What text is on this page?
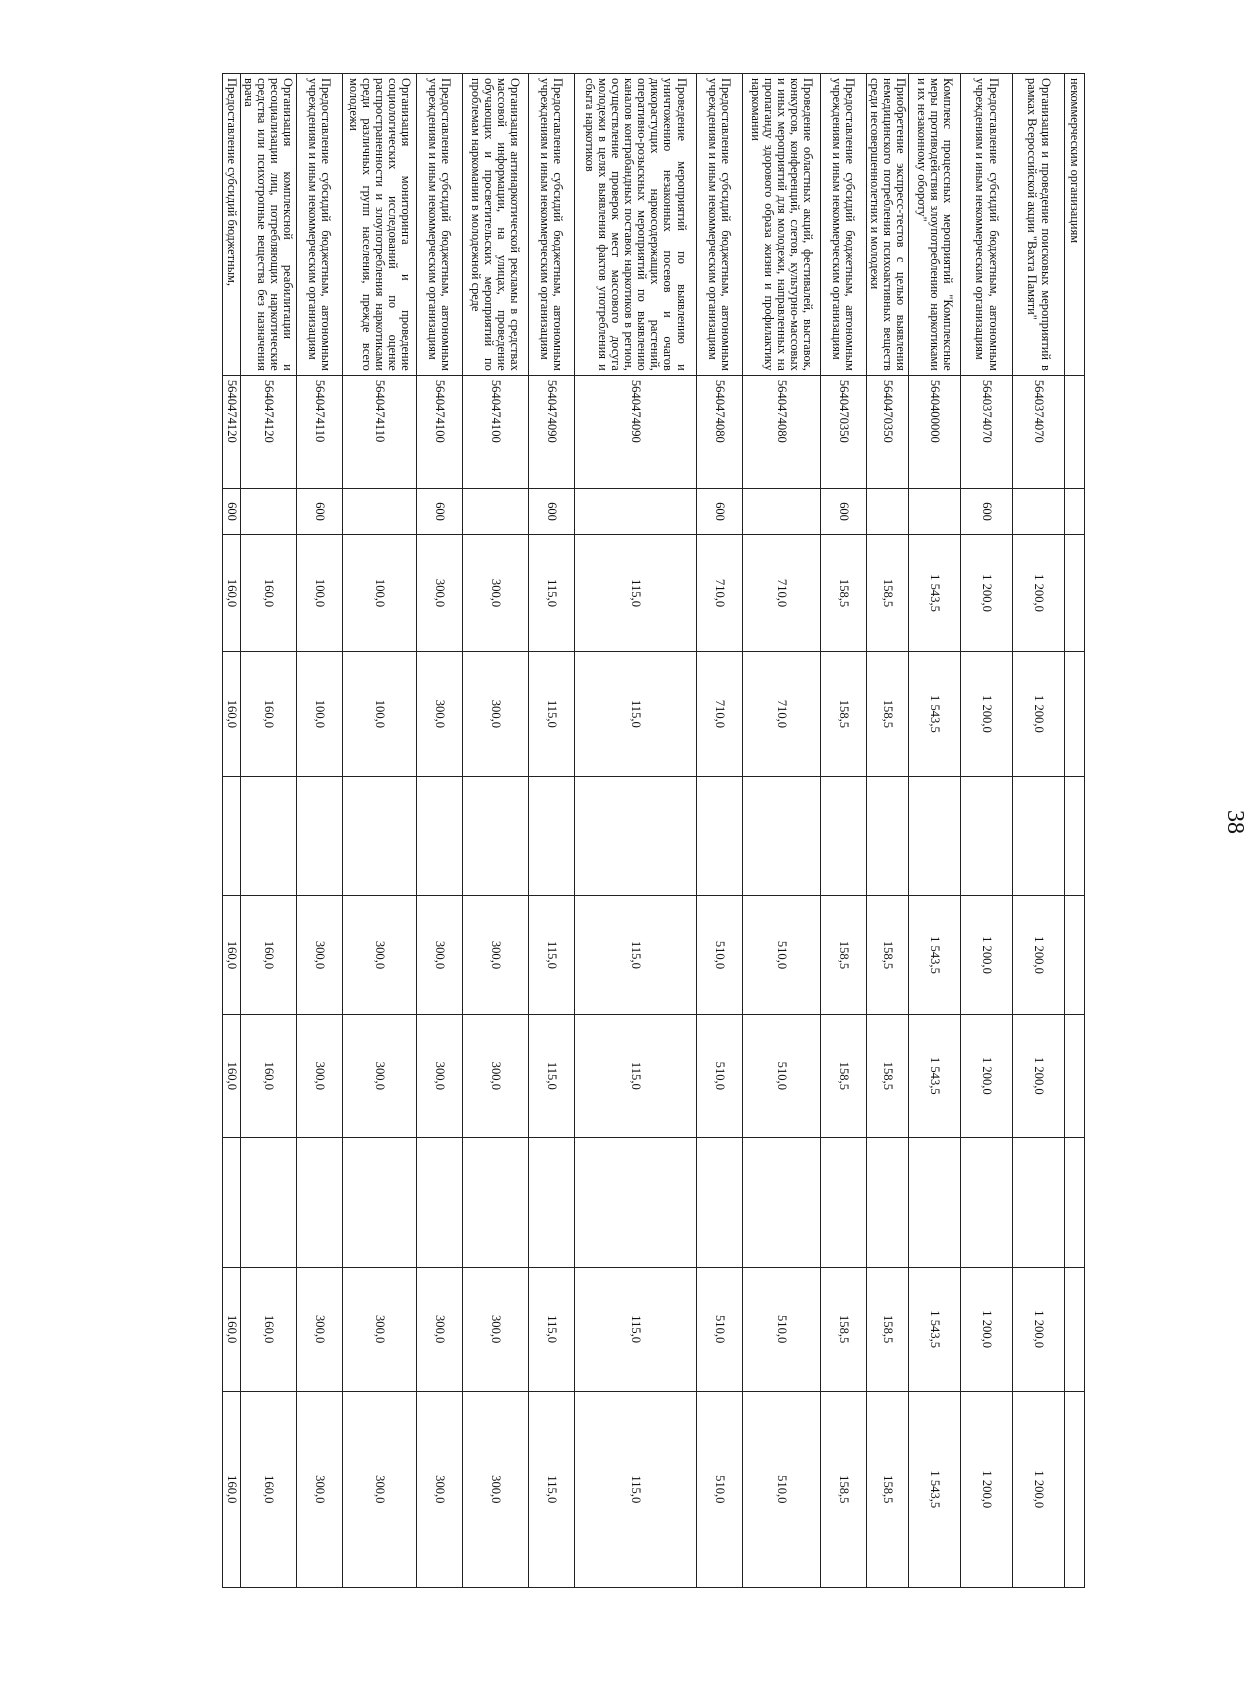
38
некоммерческим организациям										
Организация и проведение поисковых мероприятий в рамках Всероссийской акции "Вахта Памяти"	5640374070		1 200,0	1 200,0		1 200,0	1 200,0		1 200,0	1 200,0
Предоставление субсидий бюджетным, автономным учреждениям и иным некоммерческим организациям	5640374070	600	1 200,0	1 200,0		1 200,0	1 200,0		1 200,0	1 200,0
Комплекс процессных мероприятий "Комплексные меры противодействия злоупотреблению наркотиками и их незаконному обороту"	5640400000		1 543,5	1 543,5		1 543,5	1 543,5		1 543,5	1 543,5
Приобретение экспресс-тестов с целью выявления немедицинского потребления психоактивных веществ среди несовершеннолетних и молодежи	5640470350		158,5	158,5		158,5	158,5		158,5	158,5
Предоставление субсидий бюджетным, автономным учреждениям и иным некоммерческим организациям	5640470350	600	158,5	158,5		158,5	158,5		158,5	158,5
Проведение областных акций, фестивалей, выставок, конкурсов, конференций, слетов, культурно-массовых и иных мероприятий для молодежи, направленных на пропаганду здорового образа жизни и профилактику наркомании	5640474080		710,0	710,0		510,0	510,0		510,0	510,0
Предоставление субсидий бюджетным, автономным учреждениям и иным некоммерческим организациям	5640474080	600	710,0	710,0		510,0	510,0		510,0	510,0
Проведение мероприятий по выявлению и уничтожению незаконных посевов и очагов дикорастущих наркосодержащих растений, оперативно-розыскных мероприятий по выявлению каналов контрабандных поставок наркотиков в регион, осуществление проверок мест массового досуга молодежи в целях выявления фактов употребления и сбыта наркотиков	5640474090		115,0	115,0		115,0	115,0		115,0	115,0
Предоставление субсидий бюджетным, автономным учреждениям и иным некоммерческим организациям	5640474090	600	115,0	115,0		115,0	115,0		115,0	115,0
Организация антинаркотической рекламы в средствах массовой информации, на улицах, проведение обучающих и просветительских мероприятий по проблемам наркомании в молодежной среде	5640474100		300,0	300,0		300,0	300,0		300,0	300,0
Предоставление субсидий бюджетным, автономным учреждениям и иным некоммерческим организациям	5640474100	600	300,0	300,0		300,0	300,0		300,0	300,0
Организация мониторинга и проведение социологических исследований по оценке распространенности и злоупотребления наркотиками среди различных групп населения, прежде всего молодежи	5640474110		100,0	100,0		300,0	300,0		300,0	300,0
Предоставление субсидий бюджетным, автономным учреждениям и иным некоммерческим организациям	5640474110	600	100,0	100,0		300,0	300,0		300,0	300,0
Организация комплексной реабилитации и ресоциализации лиц, потребляющих наркотические средства или психотропные вещества без назначения врача	5640474120		160,0	160,0		160,0	160,0		160,0	160,0
Предоставление субсидий бюджетным,	5640474120	600	160,0	160,0		160,0	160,0		160,0	160,0
